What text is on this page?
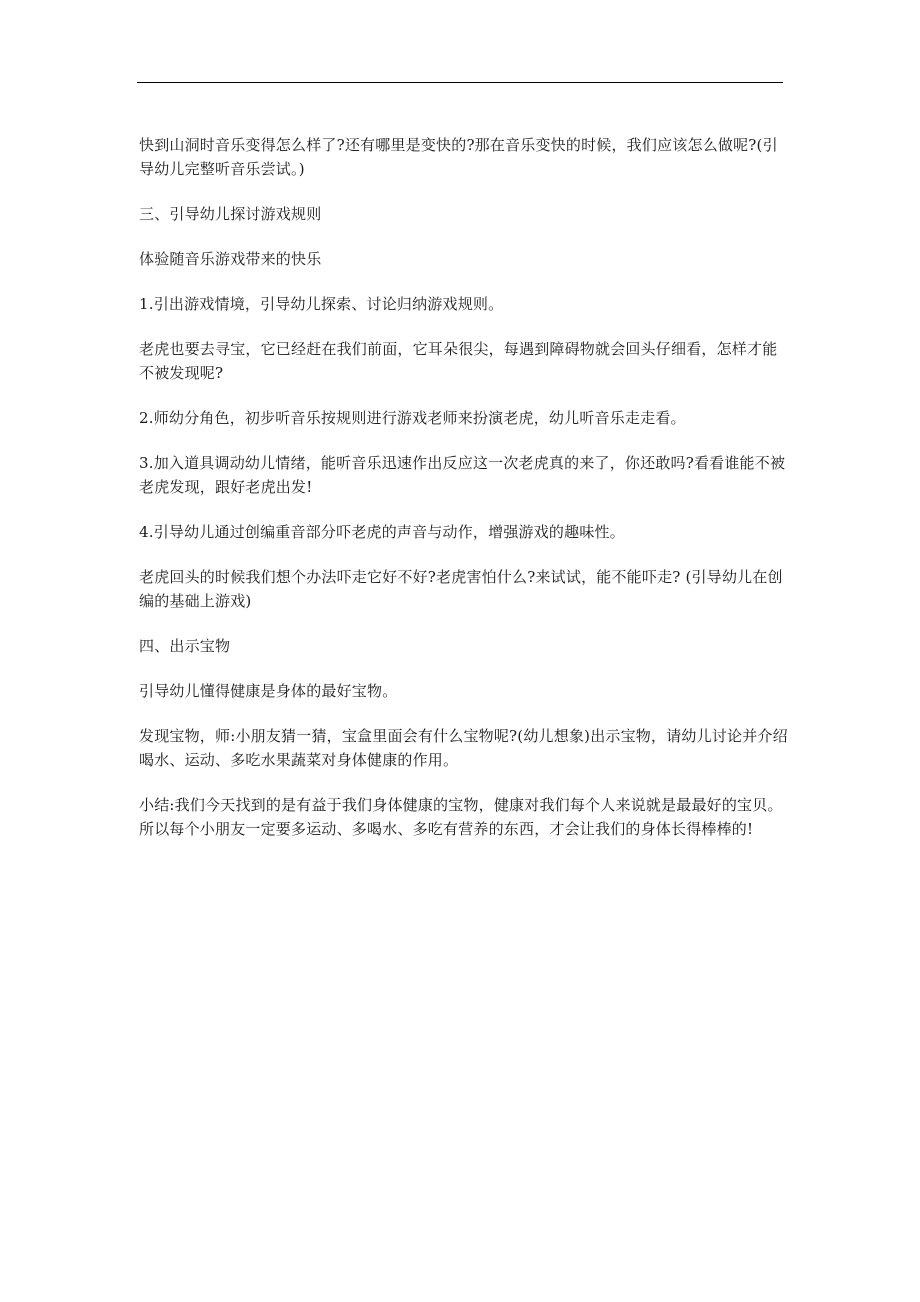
快到山洞时音乐变得怎么样了?还有哪里是变快的?那在音乐变快的时候，我们应该怎么做呢?(引导幼儿完整听音乐尝试。)

三、引导幼儿探讨游戏规则

体验随音乐游戏带来的快乐

1.引出游戏情境，引导幼儿探索、讨论归纳游戏规则。

老虎也要去寻宝，它已经赶在我们前面，它耳朵很尖，每遇到障碍物就会回头仔细看，怎样才能不被发现呢?

2.师幼分角色，初步听音乐按规则进行游戏老师来扮演老虎，幼儿听音乐走走看。

3.加入道具调动幼儿情绪，能听音乐迅速作出反应这一次老虎真的来了，你还敢吗?看看谁能不被老虎发现，跟好老虎出发!

4.引导幼儿通过创编重音部分吓老虎的声音与动作，增强游戏的趣味性。

老虎回头的时候我们想个办法吓走它好不好?老虎害怕什么?来试试，能不能吓走? (引导幼儿在创编的基础上游戏)

四、出示宝物

引导幼儿懂得健康是身体的最好宝物。

发现宝物，师:小朋友猜一猜，宝盒里面会有什么宝物呢?(幼儿想象)出示宝物，请幼儿讨论并介绍喝水、运动、多吃水果蔬菜对身体健康的作用。

小结:我们今天找到的是有益于我们身体健康的宝物，健康对我们每个人来说就是最最好的宝贝。所以每个小朋友一定要多运动、多喝水、多吃有营养的东西，才会让我们的身体长得棒棒的!
